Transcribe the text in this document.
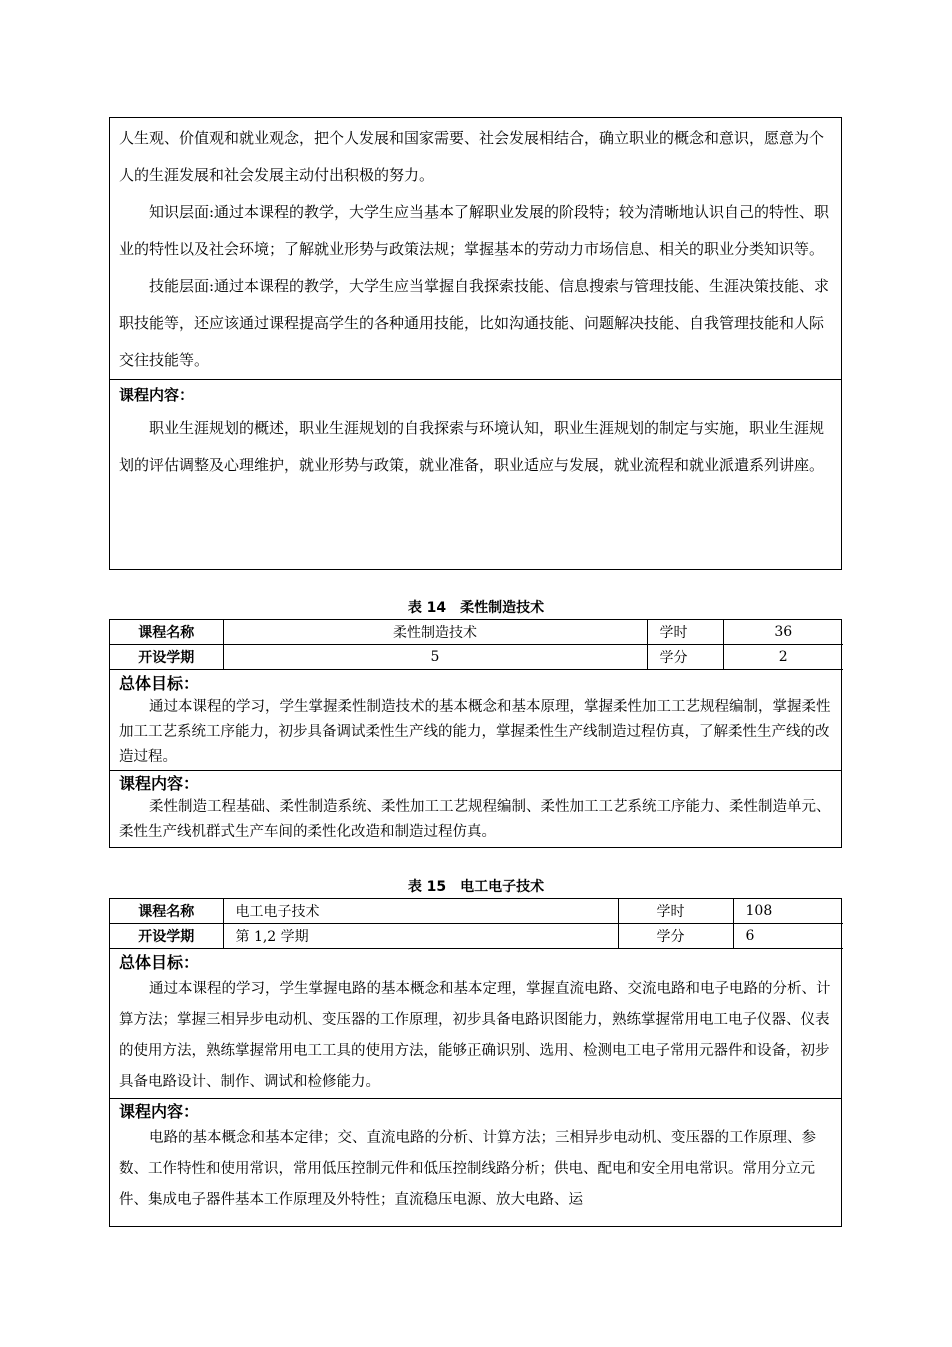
人生观、价值观和就业观念，把个人发展和国家需要、社会发展相结合，确立职业的概念和意识，愿意为个人的生涯发展和社会发展主动付出积极的努力。

知识层面:通过本课程的教学，大学生应当基本了解职业发展的阶段特；较为清晰地认识自己的特性、职业的特性以及社会环境；了解就业形势与政策法规；掌握基本的劳动力市场信息、相关的职业分类知识等。

技能层面:通过本课程的教学，大学生应当掌握自我探索技能、信息搜索与管理技能、生涯决策技能、求职技能等，还应该通过课程提高学生的各种通用技能，比如沟通技能、问题解决技能、自我管理技能和人际交往技能等。

课程内容：

职业生涯规划的概述，职业生涯规划的自我探索与环境认知，职业生涯规划的制定与实施，职业生涯规划的评估调整及心理维护，就业形势与政策，就业准备，职业适应与发展，就业流程和就业派遣系列讲座。

表 14　柔性制造技术
课程名称	柔性制造技术	学时	36
开设学期	5	学分	2
总体目标：

通过本课程的学习，学生掌握柔性制造技术的基本概念和基本原理，掌握柔性加工工艺规程编制，掌握柔性加工工艺系统工序能力，初步具备调试柔性生产线的能力，掌握柔性生产线制造过程仿真，了解柔性生产线的改造过程。

课程内容：

柔性制造工程基础、柔性制造系统、柔性加工工艺规程编制、柔性加工工艺系统工序能力、柔性制造单元、柔性生产线机群式生产车间的柔性化改造和制造过程仿真。

表 15　电工电子技术
课程名称	电工电子技术	学时	108
开设学期	第 1,2 学期	学分	6
总体目标：

通过本课程的学习，学生掌握电路的基本概念和基本定理，掌握直流电路、交流电路和电子电路的分析、计算方法；掌握三相异步电动机、变压器的工作原理，初步具备电路识图能力，熟练掌握常用电工电子仪器、仪表的使用方法，熟练掌握常用电工工具的使用方法，能够正确识别、选用、检测电工电子常用元器件和设备，初步具备电路设计、制作、调试和检修能力。

课程内容：

电路的基本概念和基本定律；交、直流电路的分析、计算方法；三相异步电动机、变压器的工作原理、参数、工作特性和使用常识，常用低压控制元件和低压控制线路分析；供电、配电和安全用电常识。常用分立元件、集成电子器件基本工作原理及外特性；直流稳压电源、放大电路、运
